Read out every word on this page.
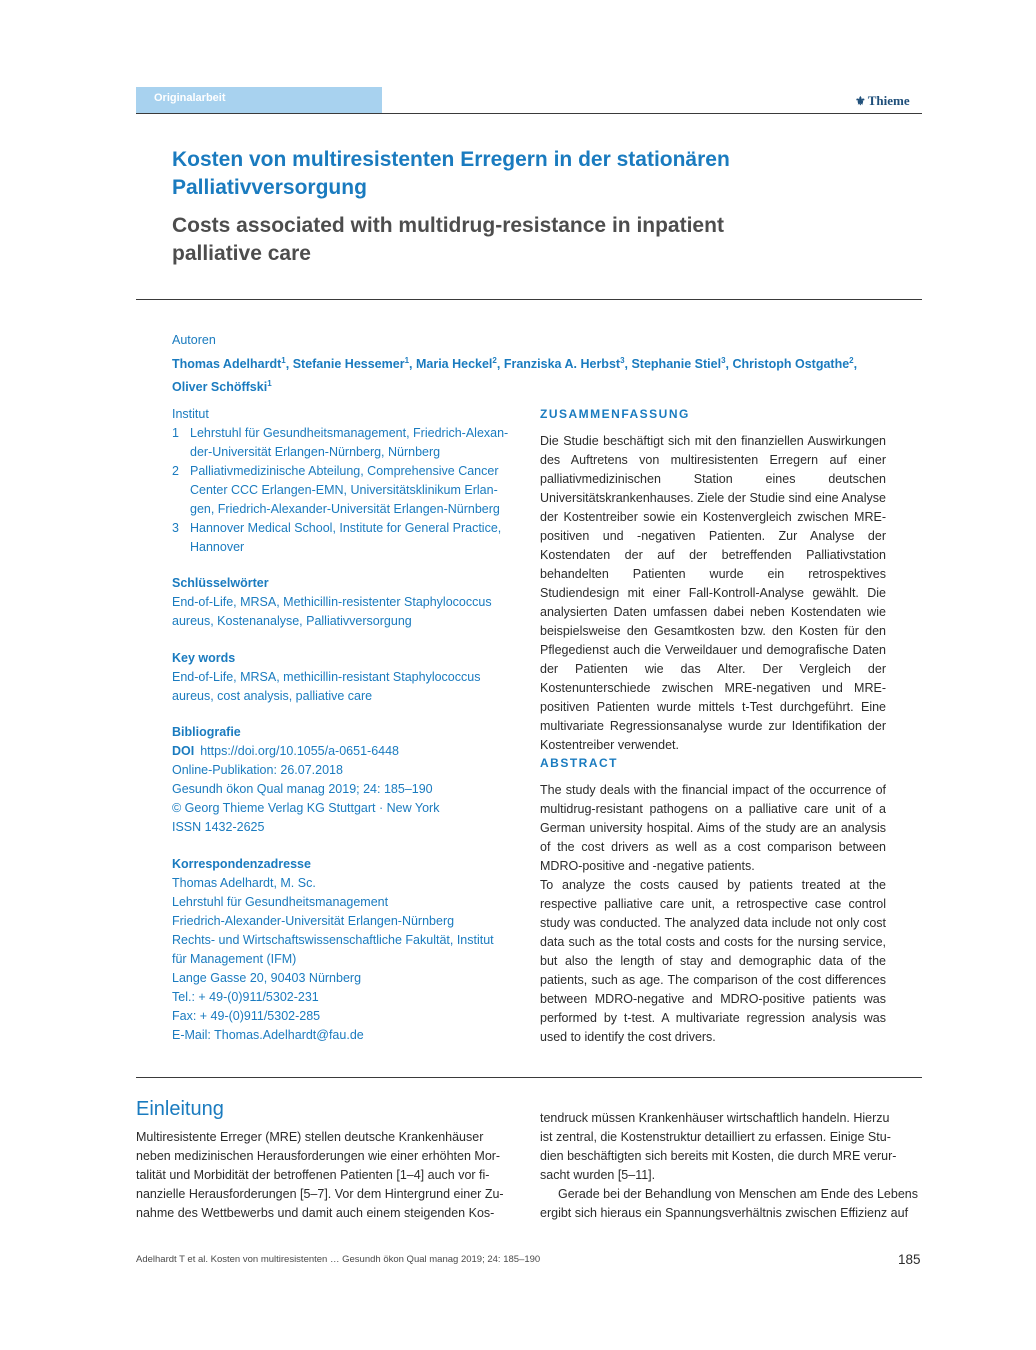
Originalarbeit	⚜ Thieme
Kosten von multiresistenten Erregern in der stationären
Palliativversorgung
Costs associated with multidrug-resistance in inpatient
palliative care
Autoren
Thomas Adelhardt$^1$, Stefanie Hessemer$^1$, Maria Heckel$^2$, Franziska A. Herbst$^3$, Stephanie Stiel$^3$, Christoph Ostgathe$^2$,
Oliver Schöffski$^1$
Institut
1 Lehrstuhl für Gesundheitsmanagement, Friedrich-Alexan-
der-Universität Erlangen-Nürnberg, Nürnberg
2 Palliativmedizinische Abteilung, Comprehensive Cancer
Center CCC Erlangen-EMN, Universitätsklinikum Erlan-
gen, Friedrich-Alexander-Universität Erlangen-Nürnberg
3 Hannover Medical School, Institute for General Practice,
Hannover
Schlüsselwörter
End-of-Life, MRSA, Methicillin-resistenter Staphylococcus
aureus, Kostenanalyse, Palliativversorgung
Key words
End-of-Life, MRSA, methicillin-resistant Staphylococcus
aureus, cost analysis, palliative care
Bibliografie
DOI https://doi.org/10.1055/a-0651-6448
Online-Publikation: 26.07.2018
Gesundh ökon Qual manag 2019; 24: 185–190
© Georg Thieme Verlag KG Stuttgart · New York
ISSN 1432-2625
Korrespondenzadresse
Thomas Adelhardt, M. Sc.
Lehrstuhl für Gesundheitsmanagement
Friedrich-Alexander-Universität Erlangen-Nürnberg
Rechts- und Wirtschaftswissenschaftliche Fakultät, Institut
für Management (IFM)
Lange Gasse 20, 90403 Nürnberg
Tel.: + 49-(0)911/5302-231
Fax: + 49-(0)911/5302-285
E-Mail: Thomas.Adelhardt@fau.de
ZUSAMMENFASSUNG
Die Studie beschäftigt sich mit den finanziellen Auswirkungen des Auftretens von multiresistenten Erregern auf einer palliativmedizinischen Station eines deutschen Universitätskrankenhauses. Ziele der Studie sind eine Analyse der Kostentreiber sowie ein Kostenvergleich zwischen MRE-positiven und -negativen Patienten. Zur Analyse der Kostendaten der auf der betreffenden Palliativstation behandelten Patienten wurde ein retrospektives Studiendesign mit einer Fall-Kontroll-Analyse gewählt. Die analysierten Daten umfassen dabei neben Kostendaten wie beispielsweise den Gesamtkosten bzw. den Kosten für den Pflegedienst auch die Verweildauer und demografische Daten der Patienten wie das Alter. Der Vergleich der Kostenunterschiede zwischen MRE-negativen und MRE-positiven Patienten wurde mittels t-Test durchgeführt. Eine multivariate Regressionsanalyse wurde zur Identifikation der Kostentreiber verwendet.
ABSTRACT
The study deals with the financial impact of the occurrence of multidrug-resistant pathogens on a palliative care unit of a German university hospital. Aims of the study are an analysis of the cost drivers as well as a cost comparison between MDRO-positive and -negative patients.
To analyze the costs caused by patients treated at the respective palliative care unit, a retrospective case control study was conducted. The analyzed data include not only cost data such as the total costs and costs for the nursing service, but also the length of stay and demographic data of the patients, such as age. The comparison of the cost differences between MDRO-negative and MDRO-positive patients was performed by t-test. A multivariate regression analysis was used to identify the cost drivers.
Einleitung
Multiresistente Erreger (MRE) stellen deutsche Krankenhäuser
neben medizinischen Herausforderungen wie einer erhöhten Mor-
talität und Morbidität der betroffenen Patienten [1–4] auch vor fi-
nanzielle Herausforderungen [5–7]. Vor dem Hintergrund einer Zu-
nahme des Wettbewerbs und damit auch einem steigenden Kos-
tendruck müssen Krankenhäuser wirtschaftlich handeln. Hierzu
ist zentral, die Kostenstruktur detailliert zu erfassen. Einige Stu-
dien beschäftigten sich bereits mit Kosten, die durch MRE verur-
sacht wurden [5–11].
Gerade bei der Behandlung von Menschen am Ende des Lebens
ergibt sich hieraus ein Spannungsverhältnis zwischen Effizienz auf
Adelhardt T et al. Kosten von multiresistenten … Gesundh ökon Qual manag 2019; 24: 185–190	185
